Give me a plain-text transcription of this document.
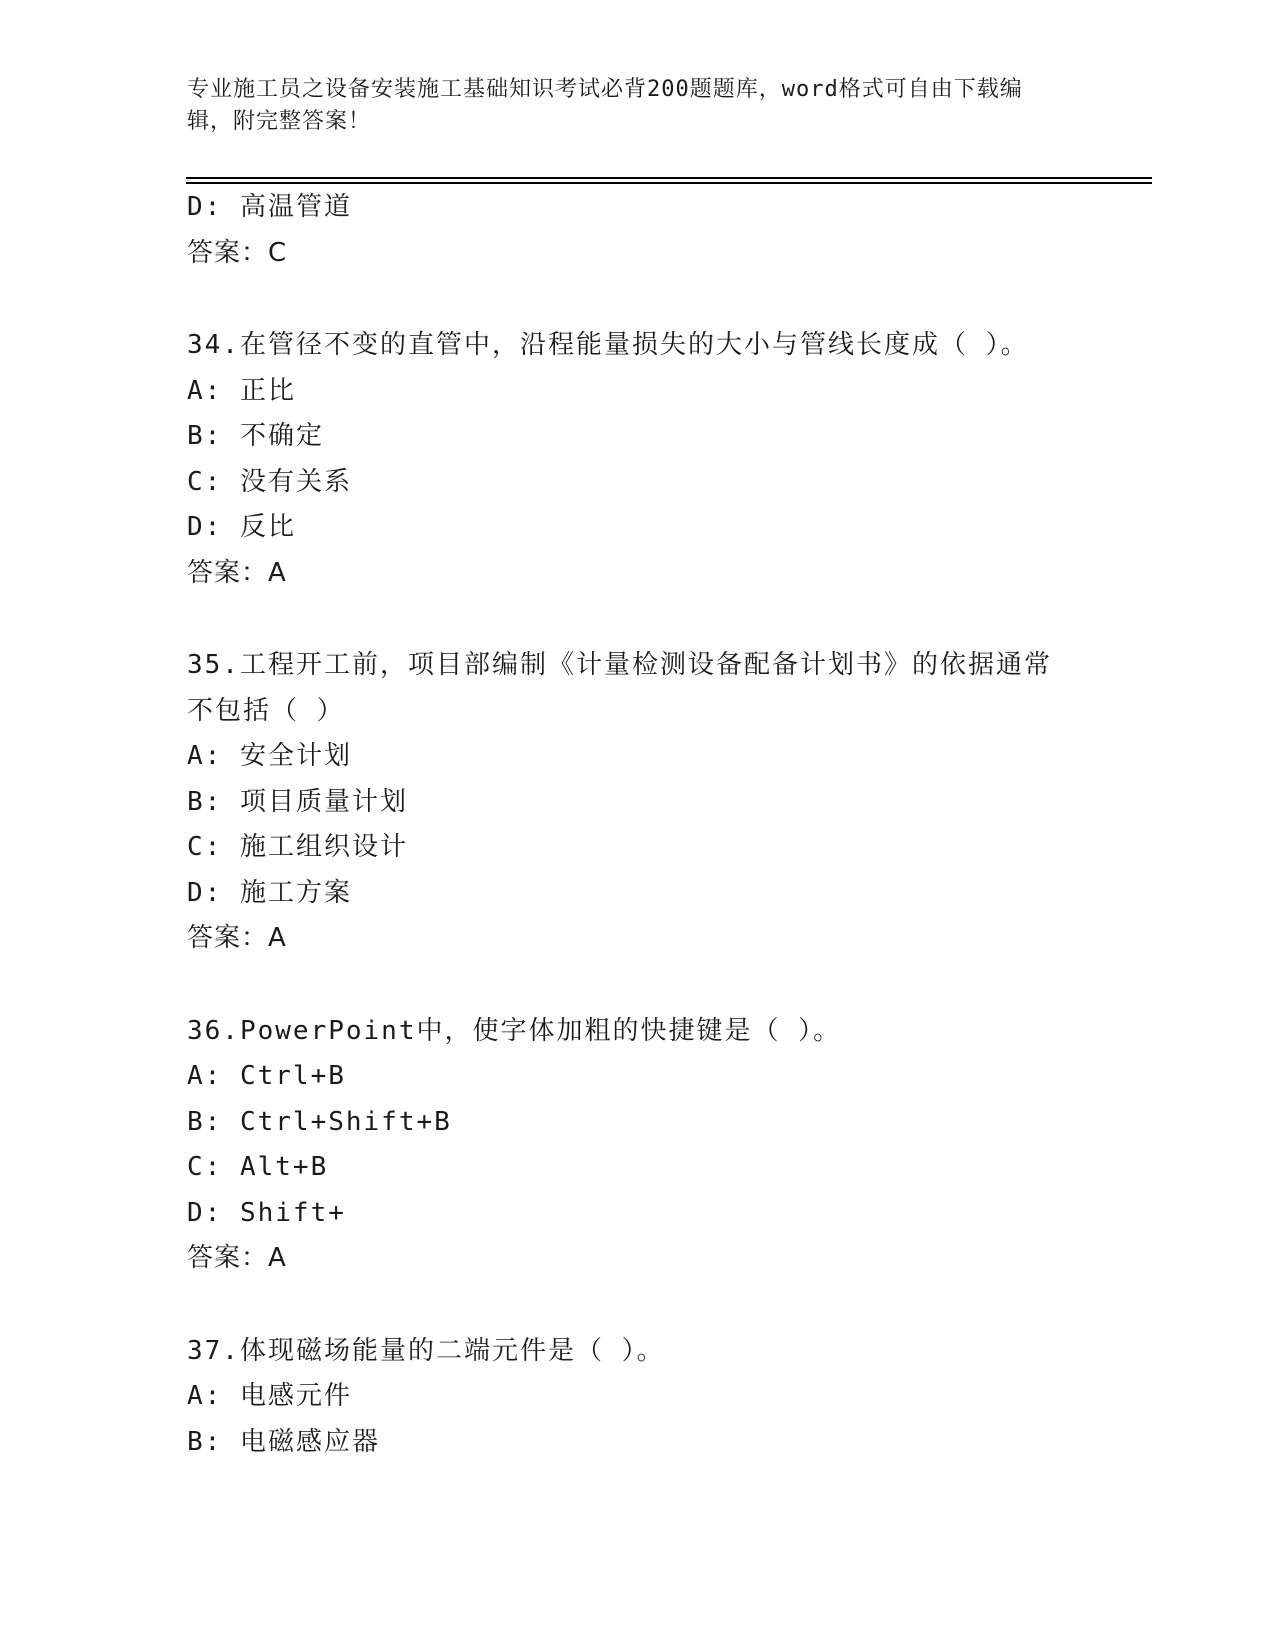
专业施工员之设备安装施工基础知识考试必背200题题库，word格式可自由下载编辑，附完整答案！
D: 高温管道
答案：C
34.在管径不变的直管中，沿程能量损失的大小与管线长度成（ ）。
A: 正比
B: 不确定
C: 没有关系
D: 反比
答案：A
35.工程开工前，项目部编制《计量检测设备配备计划书》的依据通常不包括（ ）
A: 安全计划
B: 项目质量计划
C: 施工组织设计
D: 施工方案
答案：A
36.PowerPoint中，使字体加粗的快捷键是（ ）。
A: Ctrl+B
B: Ctrl+Shift+B
C: Alt+B
D: Shift+
答案：A
37.体现磁场能量的二端元件是（ ）。
A: 电感元件
B: 电磁感应器
